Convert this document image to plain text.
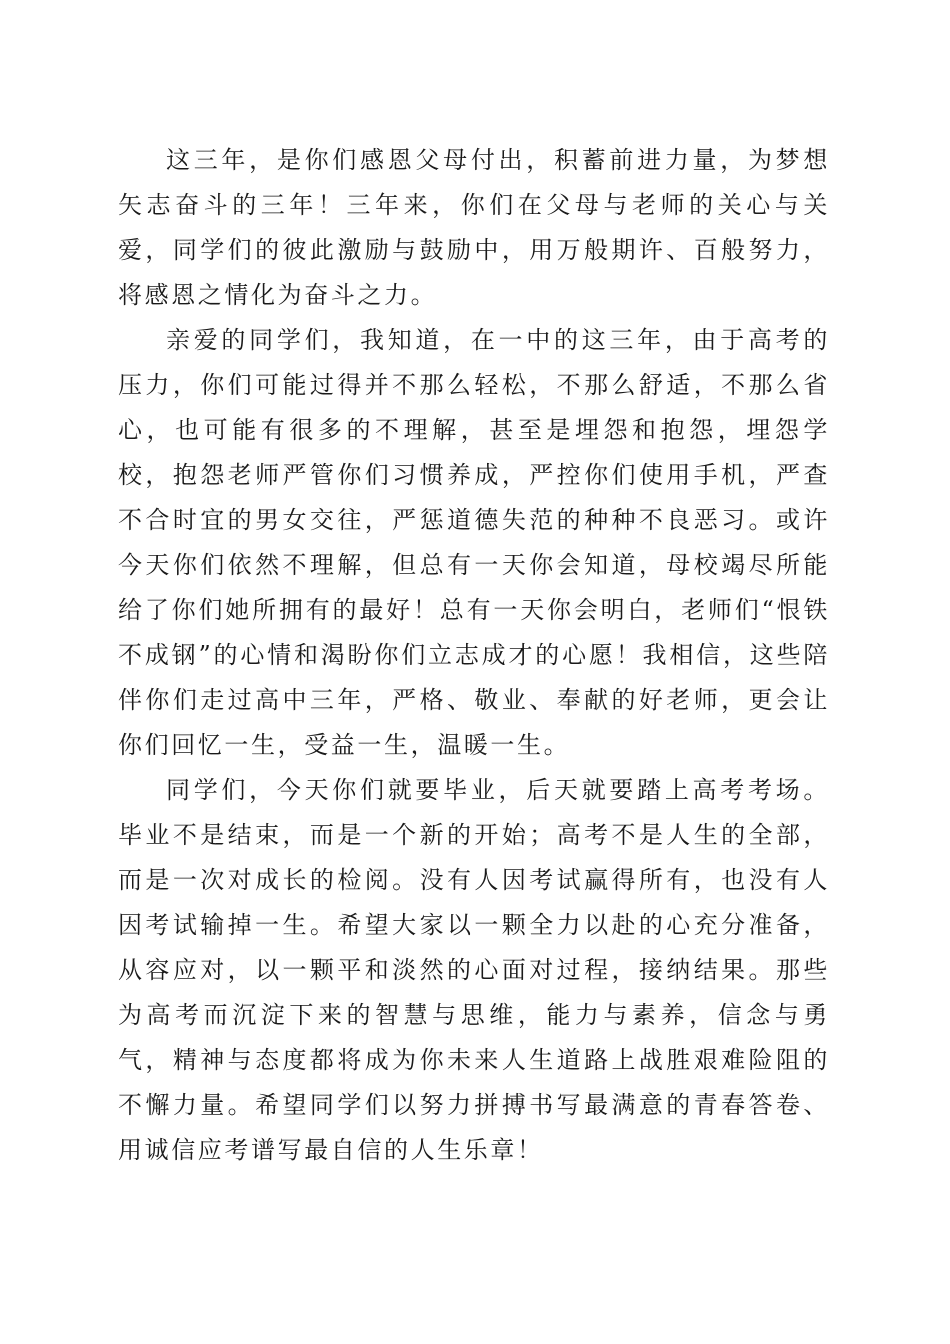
这三年，是你们感恩父母付出，积蓄前进力量，为梦想矢志奋斗的三年！三年来，你们在父母与老师的关心与关爱，同学们的彼此激励与鼓励中，用万般期许、百般努力，将感恩之情化为奋斗之力。

亲爱的同学们，我知道，在一中的这三年，由于高考的压力，你们可能过得并不那么轻松，不那么舒适，不那么省心，也可能有很多的不理解，甚至是埋怨和抱怨，埋怨学校，抱怨老师严管你们习惯养成，严控你们使用手机，严查不合时宜的男女交往，严惩道德失范的种种不良恶习。或许今天你们依然不理解，但总有一天你会知道，母校竭尽所能给了你们她所拥有的最好！总有一天你会明白，老师们“恨铁不成钢”的心情和渴盼你们立志成才的心愿！我相信，这些陪伴你们走过高中三年，严格、敬业、奉献的好老师，更会让你们回忆一生，受益一生，温暖一生。

同学们，今天你们就要毕业，后天就要踏上高考考场。毕业不是结束，而是一个新的开始；高考不是人生的全部，而是一次对成长的检阅。没有人因考试赢得所有，也没有人因考试输掉一生。希望大家以一颗全力以赴的心充分准备，从容应对，以一颗平和淡然的心面对过程，接纳结果。那些为高考而沉淀下来的智慧与思维，能力与素养，信念与勇气，精神与态度都将成为你未来人生道路上战胜艰难险阻的不懈力量。希望同学们以努力拼搏书写最满意的青春答卷、用诚信应考谱写最自信的人生乐章！
